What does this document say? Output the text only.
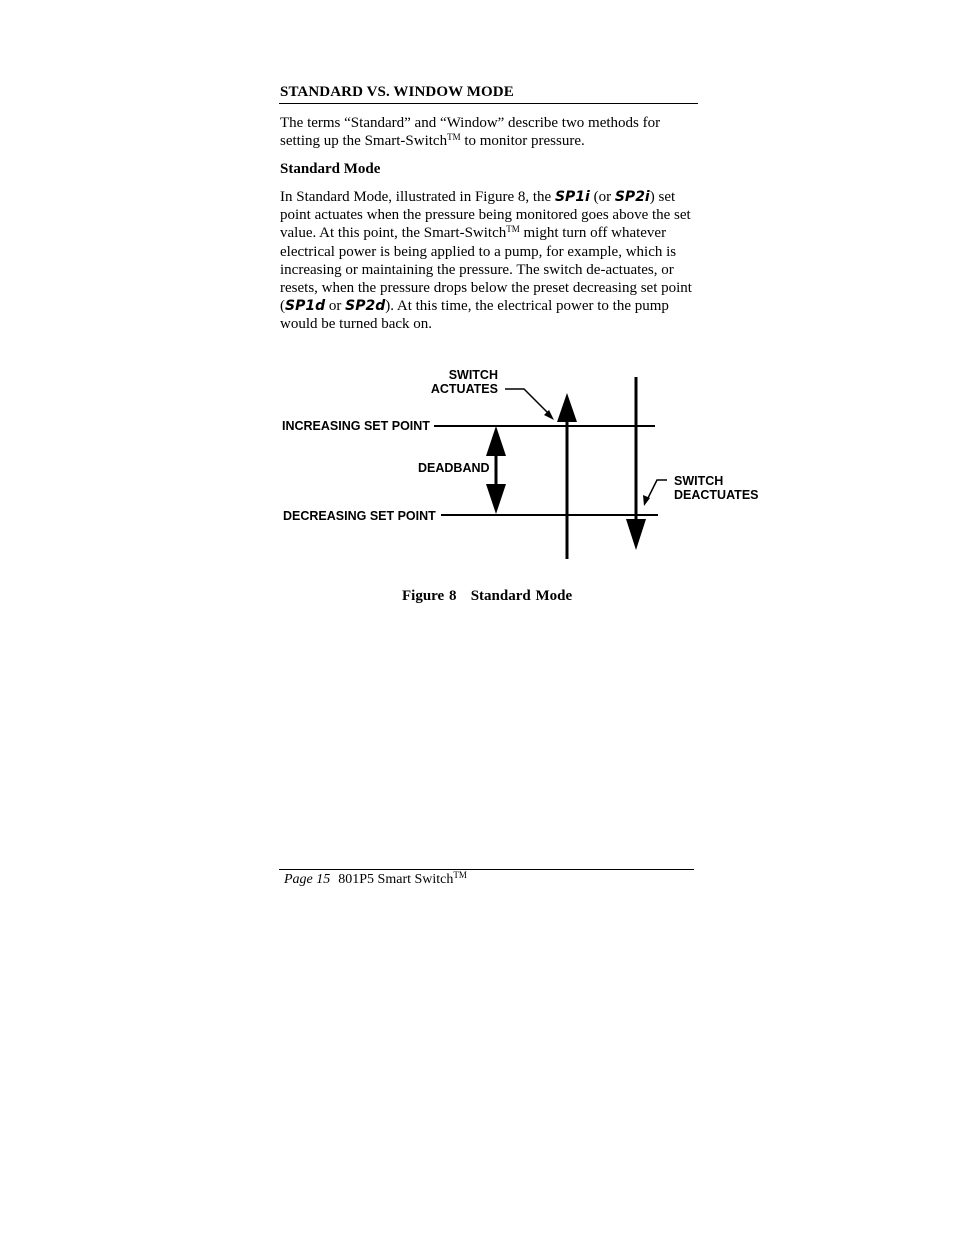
STANDARD VS. WINDOW MODE
The terms “Standard” and “Window” describe two methods for setting up the Smart-Switch™ to monitor pressure.
Standard Mode
In Standard Mode, illustrated in Figure 8, the SP1i (or SP2i) set point actuates when the pressure being monitored goes above the set value. At this point, the Smart-Switch™ might turn off whatever electrical power is being applied to a pump, for example, which is increasing or maintaining the pressure. The switch de-actuates, or resets, when the pressure drops below the preset decreasing set point (SP1d or SP2d). At this time, the electrical power to the pump would be turned back on.
SWITCH
ACTUATES
INCREASING SET POINT
DEADBAND
DECREASING SET POINT
SWITCH
DEACTUATES
Figure 8   Standard Mode
Page 15 801P5 Smart Switch™
